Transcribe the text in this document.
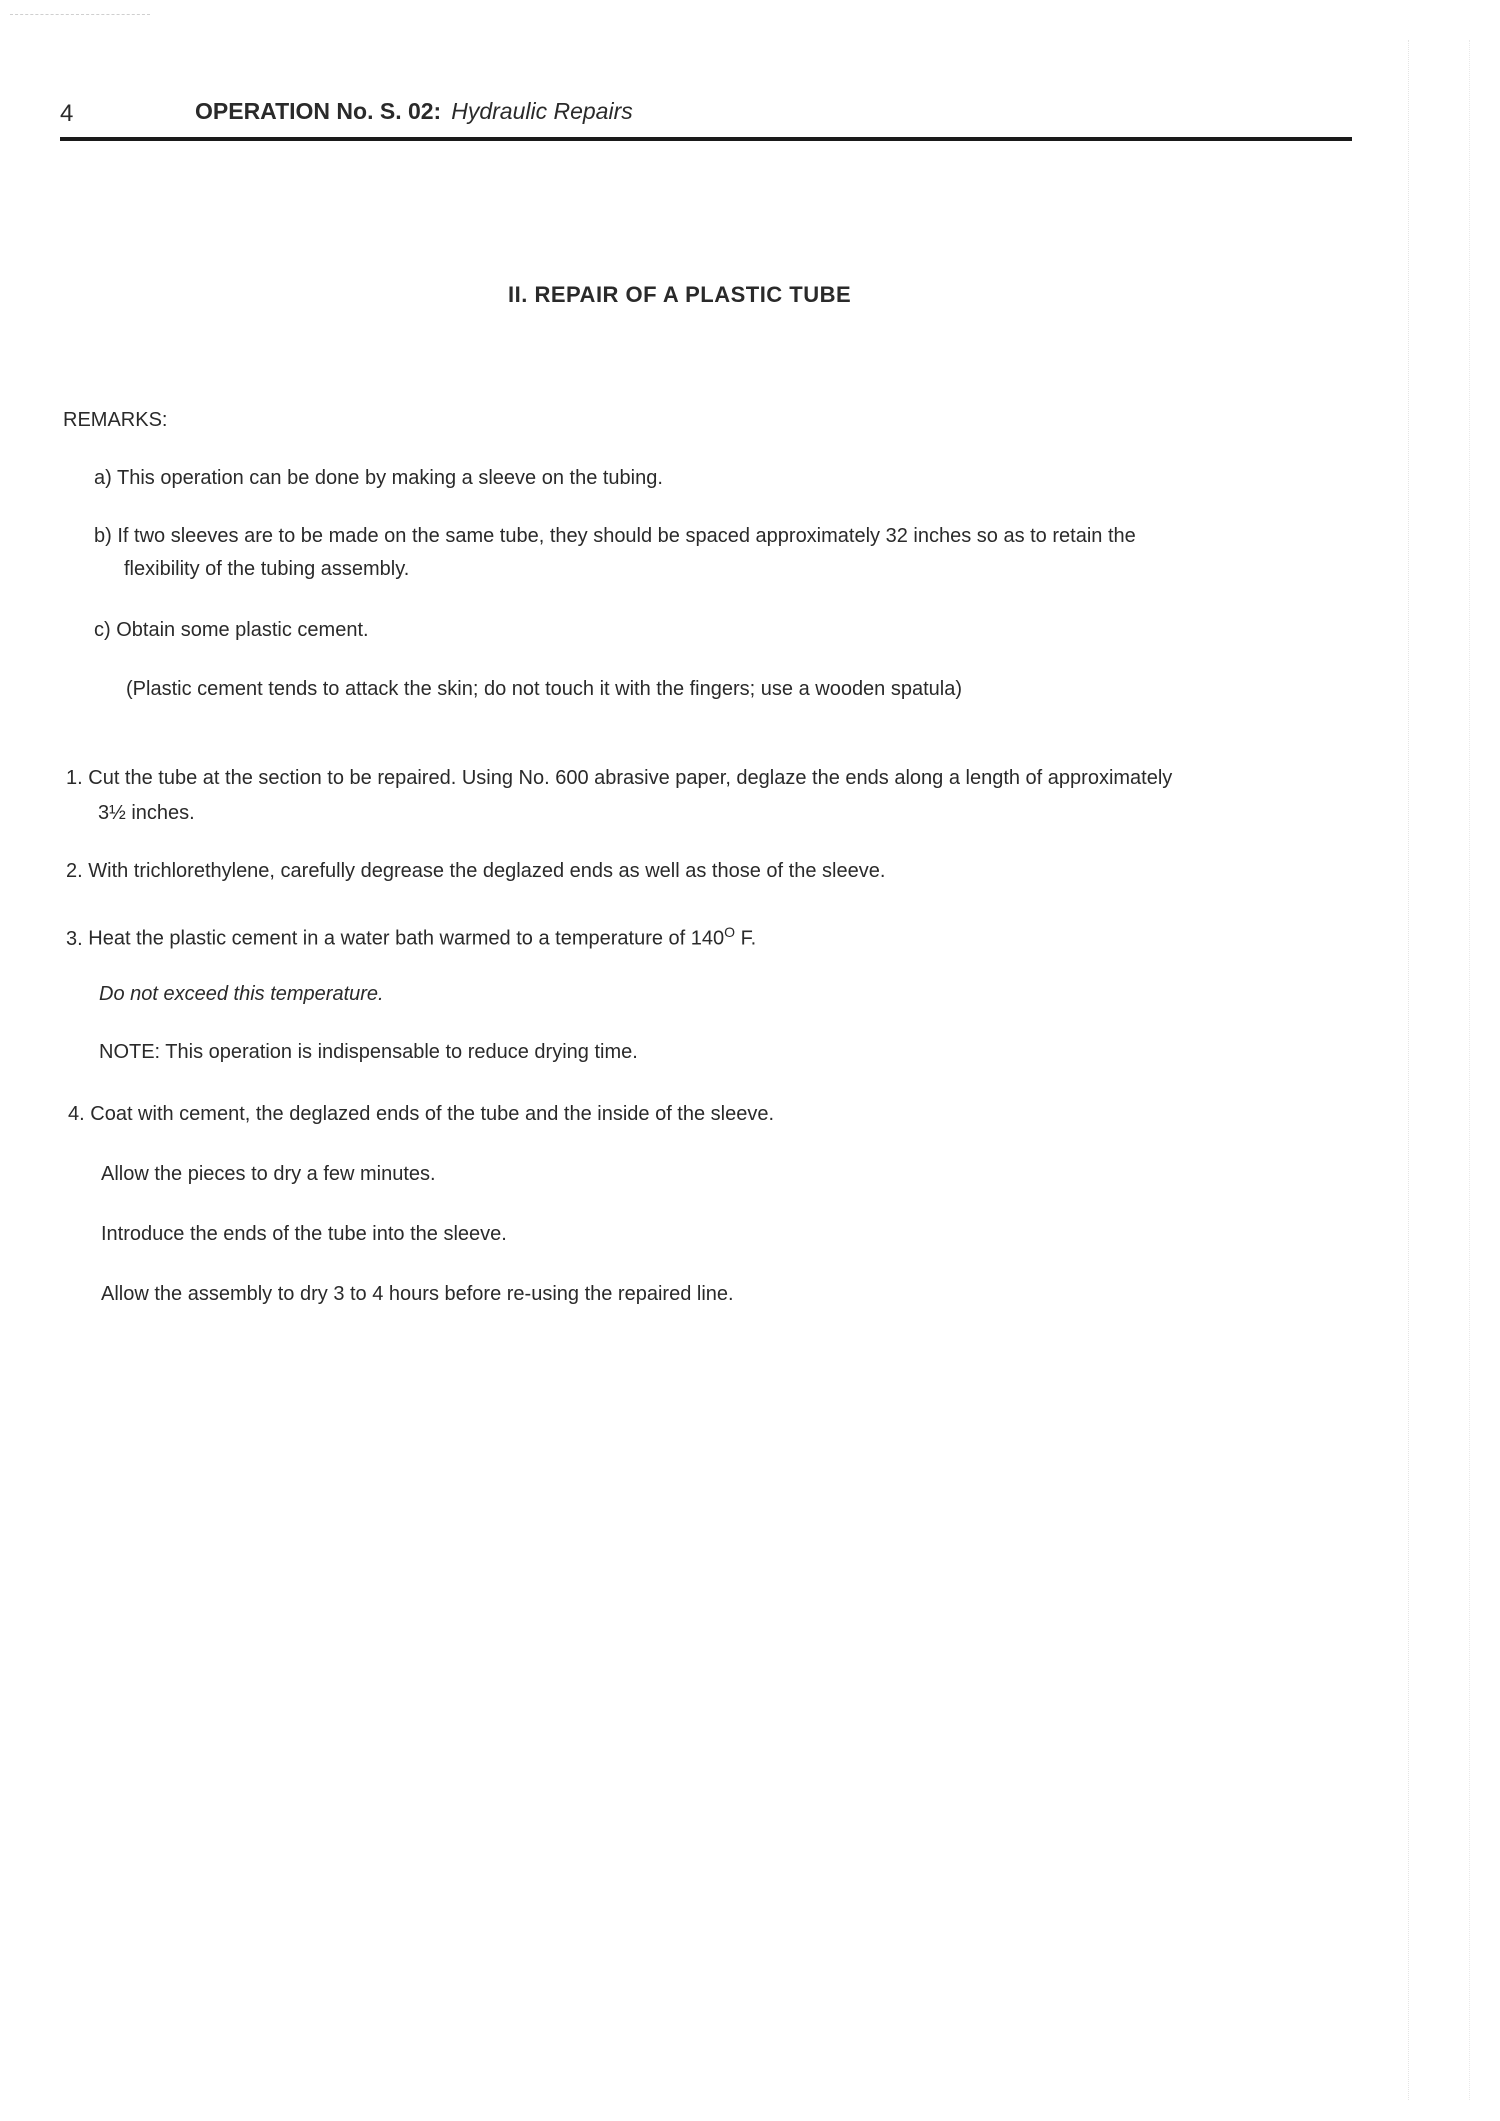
4	OPERATION No. S. 02: Hydraulic Repairs
II. REPAIR OF A PLASTIC TUBE
REMARKS:
a) This operation can be done by making a sleeve on the tubing.
b) If two sleeves are to be made on the same tube, they should be spaced approximately 32 inches so as to retain the
flexibility of the tubing assembly.
c) Obtain some plastic cement.
(Plastic cement tends to attack the skin; do not touch it with the fingers; use a wooden spatula)
1. Cut the tube at the section to be repaired. Using No. 600 abrasive paper, deglaze the ends along a length of approximately
3½ inches.
2. With trichlorethylene, carefully degrease the deglazed ends as well as those of the sleeve.
3. Heat the plastic cement in a water bath warmed to a temperature of $140^O$ F.
Do not exceed this temperature.
NOTE: This operation is indispensable to reduce drying time.
4. Coat with cement, the deglazed ends of the tube and the inside of the sleeve.
Allow the pieces to dry a few minutes.
Introduce the ends of the tube into the sleeve.
Allow the assembly to dry 3 to 4 hours before re-using the repaired line.
